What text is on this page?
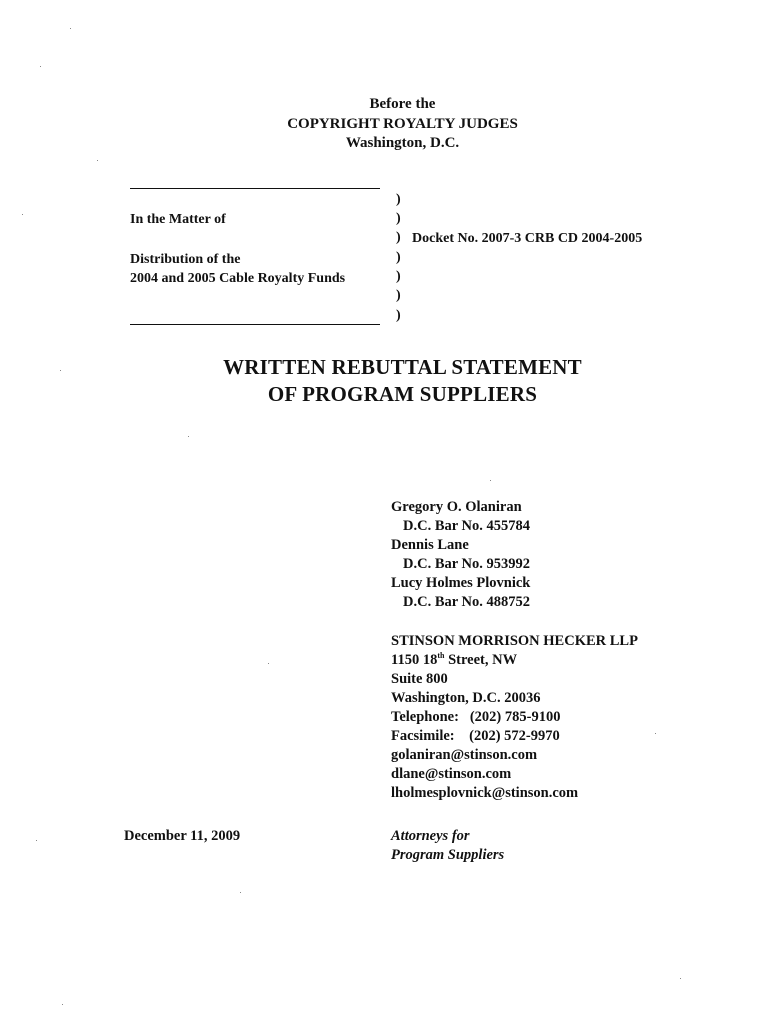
Before the
COPYRIGHT ROYALTY JUDGES
Washington, D.C.
In the Matter of
Distribution of the
2004 and 2005 Cable Royalty Funds
)
)
)
)
)
)
)
Docket No. 2007-3 CRB CD 2004-2005
WRITTEN REBUTTAL STATEMENT
OF PROGRAM SUPPLIERS
Gregory O. Olaniran
D.C. Bar No. 455784
Dennis Lane
D.C. Bar No. 953992
Lucy Holmes Plovnick
D.C. Bar No. 488752
STINSON MORRISON HECKER LLP
1150 18th Street, NW
Suite 800
Washington, D.C. 20036
Telephone: (202) 785-9100
Facsimile: (202) 572-9970
golaniran@stinson.com
dlane@stinson.com
lholmesplovnick@stinson.com
December 11, 2009	Attorneys for
Program Suppliers
